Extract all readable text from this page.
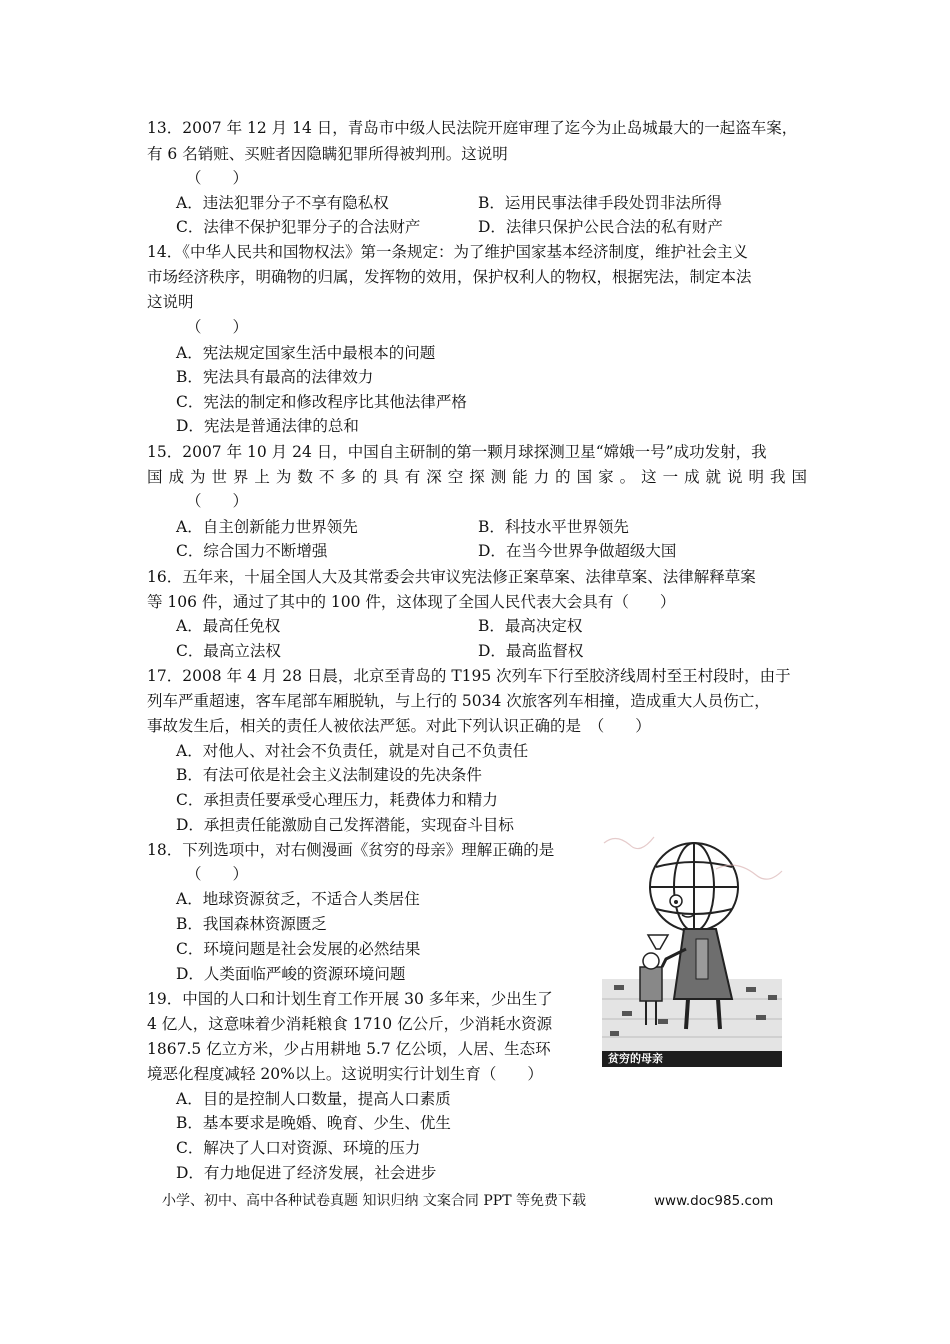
13．2007 年 12 月 14 日，青岛市中级人民法院开庭审理了迄今为止岛城最大的一起盗车案，
有 6 名销赃、买赃者因隐瞒犯罪所得被判刑。这说明
（　　）
A．违法犯罪分子不享有隐私权	B．运用民事法律手段处罚非法所得
C．法律不保护犯罪分子的合法财产	D．法律只保护公民合法的私有财产
14．《中华人民共和国物权法》第一条规定：为了维护国家基本经济制度，维护社会主义
市场经济秩序，明确物的归属，发挥物的效用，保护权利人的物权，根据宪法，制定本法
这说明
（　　）
A．宪法规定国家生活中最根本的问题
B．宪法具有最高的法律效力
C．宪法的制定和修改程序比其他法律严格
D．宪法是普通法律的总和
15．2007 年 10 月 24 日，中国自主研制的第一颗月球探测卫星“嫦娥一号”成功发射，我
国成为世界上为数不多的具有深空探测能力的国家。这一成就说明我国
（　　）
A．自主创新能力世界领先	B．科技水平世界领先
C．综合国力不断增强	D．在当今世界争做超级大国
16．五年来，十届全国人大及其常委会共审议宪法修正案草案、法律草案、法律解释草案
等 106 件，通过了其中的 100 件，这体现了全国人民代表大会具有（　　）
A．最高任免权	B．最高决定权
C．最高立法权	D．最高监督权
17．2008 年 4 月 28 日晨，北京至青岛的 T195 次列车下行至胶济线周村至王村段时，由于
列车严重超速，客车尾部车厢脱轨，与上行的 5034 次旅客列车相撞，造成重大人员伤亡，
事故发生后，相关的责任人被依法严惩。对此下列认识正确的是　（　　）
A．对他人、对社会不负责任，就是对自己不负责任
B．有法可依是社会主义法制建设的先决条件
C．承担责任要承受心理压力，耗费体力和精力
D．承担责任能激励自己发挥潜能，实现奋斗目标
18．下列选项中，对右侧漫画《贫穷的母亲》理解正确的是
（　　）
A．地球资源贫乏，不适合人类居住
B．我国森林资源匮乏
C．环境问题是社会发展的必然结果
D．人类面临严峻的资源环境问题
19．中国的人口和计划生育工作开展 30 多年来，少出生了
4 亿人，这意味着少消耗粮食 1710 亿公斤，少消耗水资源
1867.5 亿立方米，少占用耕地 5.7 亿公顷，人居、生态环
境恶化程度减轻 20%以上。这说明实行计划生育（　　）
A．目的是控制人口数量，提高人口素质
B．基本要求是晚婚、晚育、少生、优生
C．解决了人口对资源、环境的压力
D．有力地促进了经济发展，社会进步
贫穷的母亲
小学、初中、高中各种试卷真题 知识归纳 文案合同 PPT 等免费下载	www.doc985.com
